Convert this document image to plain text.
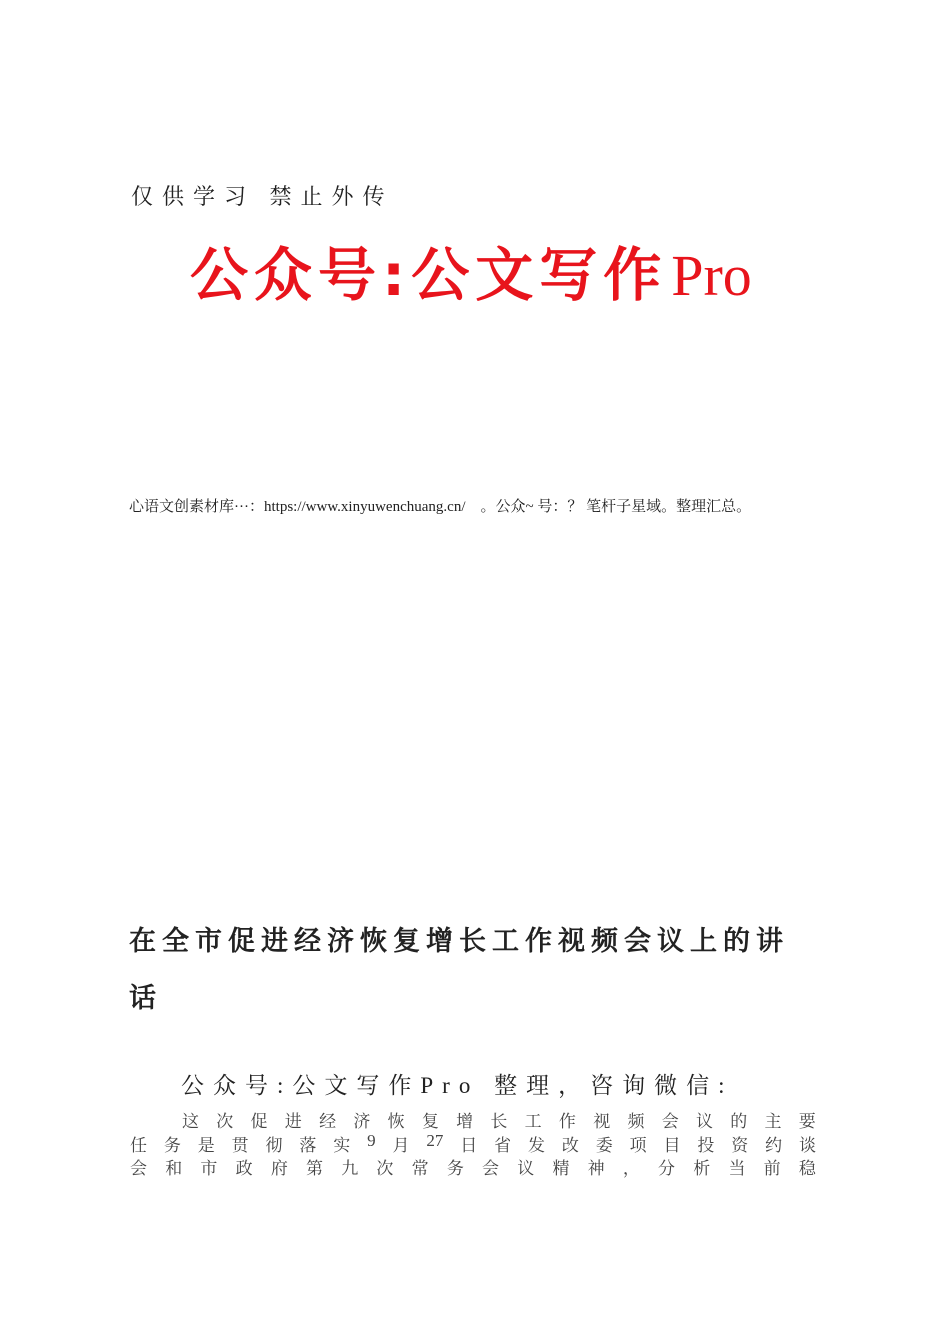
仅供学习 禁止外传
公众号:公文写作Pro
心语文创素材库···：https://www.xinyuwenchuang.cn/　。公众~ 号：？ 笔杆子星域。整理汇总。
在全市促进经济恢复增长工作视频会议上的讲
话
公众号:公文写作Pro 整理，咨询微信:
这 次 促 进 经 济 恢 复 增 长 工 作 视 频 会 议 的 主 要
任 务 是 贯 彻 落 实 9 月 27 日 省 发 改 委 项 目 投 资 约 谈
会 和 市 政 府 第 九 次 常 务 会 议 精 神 ， 分 析 当 前 稳
